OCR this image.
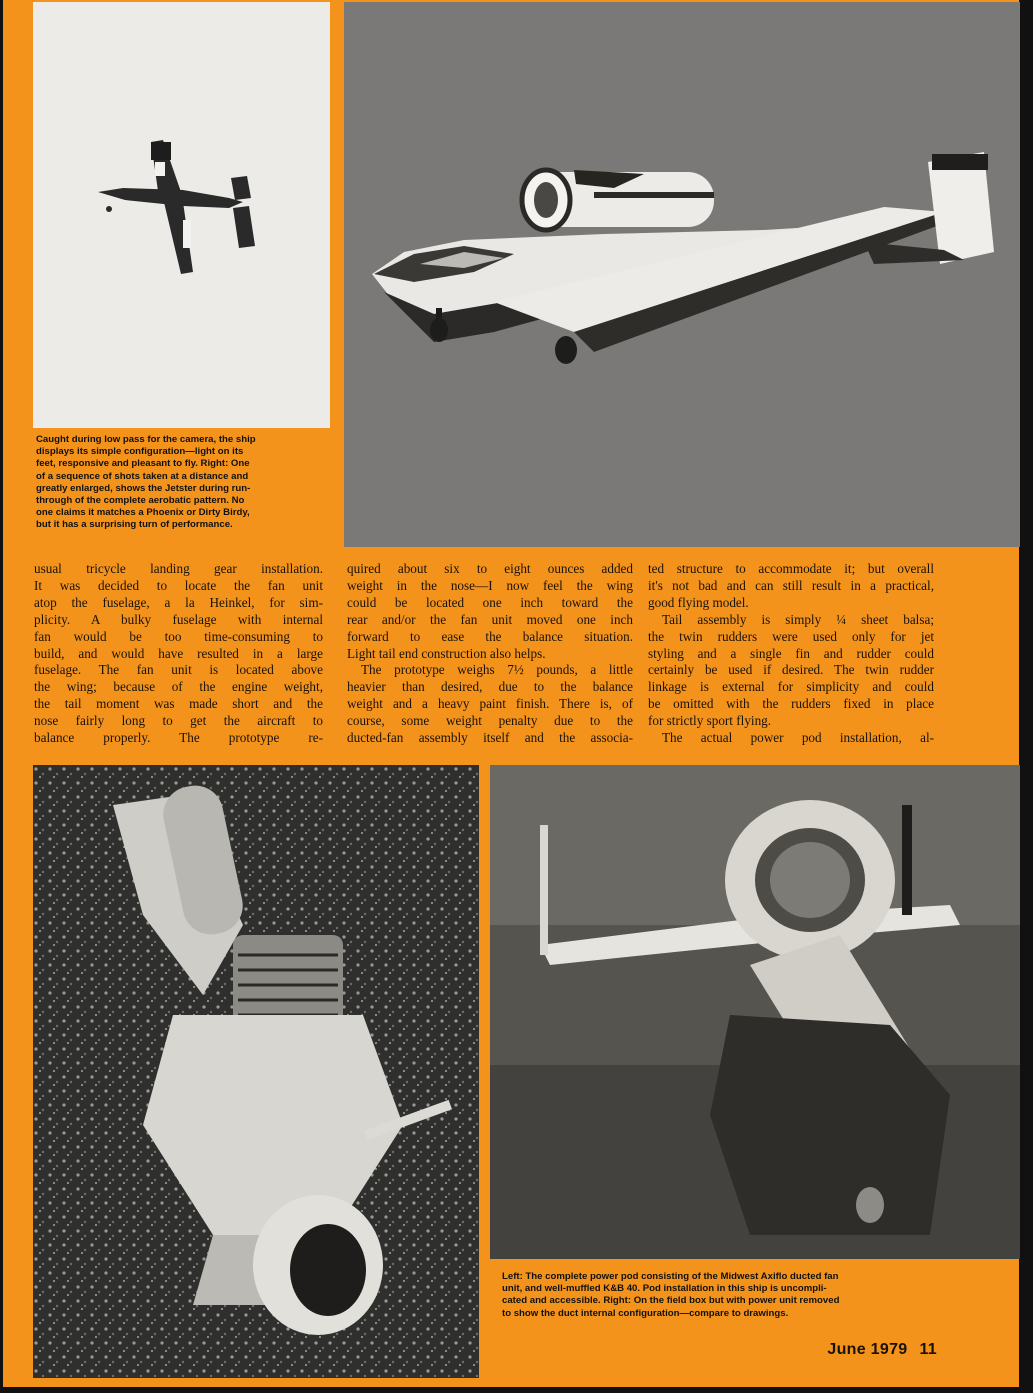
Caught during low pass for the camera, the ship
displays its simple configuration—light on its
feet, responsive and pleasant to fly. Right: One
of a sequence of shots taken at a distance and
greatly enlarged, shows the Jetster during run-
through of the complete aerobatic pattern. No
one claims it matches a Phoenix or Dirty Birdy,
but it has a surprising turn of performance.

usual tricycle landing gear installation.
It was decided to locate the fan unit
atop the fuselage, a la Heinkel, for sim-
plicity. A bulky fuselage with internal
fan would be too time-consuming to
build, and would have resulted in a large
fuselage. The fan unit is located above
the wing; because of the engine weight,
the tail moment was made short and the
nose fairly long to get the aircraft to
balance properly. The prototype re-

quired about six to eight ounces added
weight in the nose—I now feel the wing
could be located one inch toward the
rear and/or the fan unit moved one inch
forward to ease the balance situation.
Light tail end construction also helps.
The prototype weighs 7½ pounds, a little
heavier than desired, due to the balance
weight and a heavy paint finish. There is, of
course, some weight penalty due to the
ducted-fan assembly itself and the associa-

ted structure to accommodate it; but overall
it's not bad and can still result in a practical,
good flying model.
Tail assembly is simply ¼ sheet balsa;
the twin rudders were used only for jet
styling and a single fin and rudder could
certainly be used if desired. The twin rudder
linkage is external for simplicity and could
be omitted with the rudders fixed in place
for strictly sport flying.
The actual power pod installation, al-

Left: The complete power pod consisting of the Midwest Axiflo ducted fan
unit, and well-muffled K&B 40. Pod installation in this ship is uncompli-
cated and accessible. Right: On the field box but with power unit removed
to show the duct internal configuration—compare to drawings.

June 1979 11
